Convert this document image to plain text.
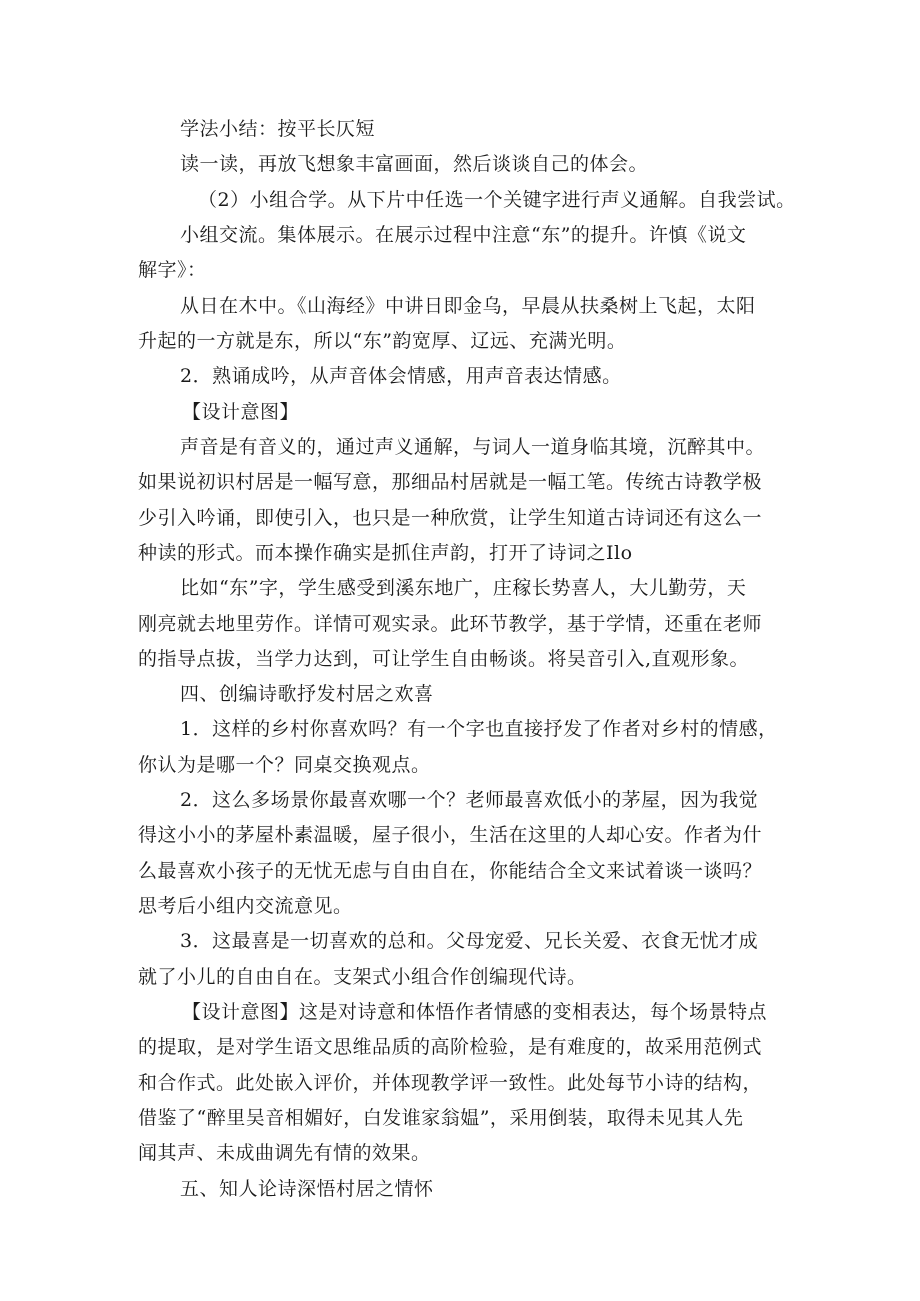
学法小结：按平长仄短
读一读，再放飞想象丰富画面，然后谈谈自己的体会。
（2）小组合学。从下片中任选一个关键字进行声义通解。自我尝试。
小组交流。集体展示。在展示过程中注意“东”的提升。许慎《说文
解字》：
从日在木中。《山海经》中讲日即金乌，早晨从扶桑树上飞起，太阳
升起的一方就是东，所以“东”韵宽厚、辽远、充满光明。
2．熟诵成吟，从声音体会情感，用声音表达情感。
【设计意图】
声音是有音义的，通过声义通解，与词人一道身临其境，沉醉其中。
如果说初识村居是一幅写意，那细品村居就是一幅工笔。传统古诗教学极
少引入吟诵，即使引入，也只是一种欣赏，让学生知道古诗词还有这么一
种读的形式。而本操作确实是抓住声韵，打开了诗词之Ilo
比如“东”字，学生感受到溪东地广，庄稼长势喜人，大儿勤劳，天
刚亮就去地里劳作。详情可观实录。此环节教学，基于学情，还重在老师
的指导点拔，当学力达到，可让学生自由畅谈。将吴音引入,直观形象。
四、创编诗歌抒发村居之欢喜
1．这样的乡村你喜欢吗？有一个字也直接抒发了作者对乡村的情感，
你认为是哪一个？同桌交换观点。
2．这么多场景你最喜欢哪一个？老师最喜欢低小的茅屋，因为我觉
得这小小的茅屋朴素温暖，屋子很小，生活在这里的人却心安。作者为什
么最喜欢小孩子的无忧无虑与自由自在，你能结合全文来试着谈一谈吗？
思考后小组内交流意见。
3．这最喜是一切喜欢的总和。父母宠爱、兄长关爱、衣食无忧才成
就了小儿的自由自在。支架式小组合作创编现代诗。
【设计意图】这是对诗意和体悟作者情感的变相表达，每个场景特点
的提取，是对学生语文思维品质的高阶检验，是有难度的，故采用范例式
和合作式。此处嵌入评价，并体现教学评一致性。此处每节小诗的结构，
借鉴了“醉里吴音相媚好，白发谁家翁媪”，采用倒装，取得未见其人先
闻其声、未成曲调先有情的效果。
五、知人论诗深悟村居之情怀
